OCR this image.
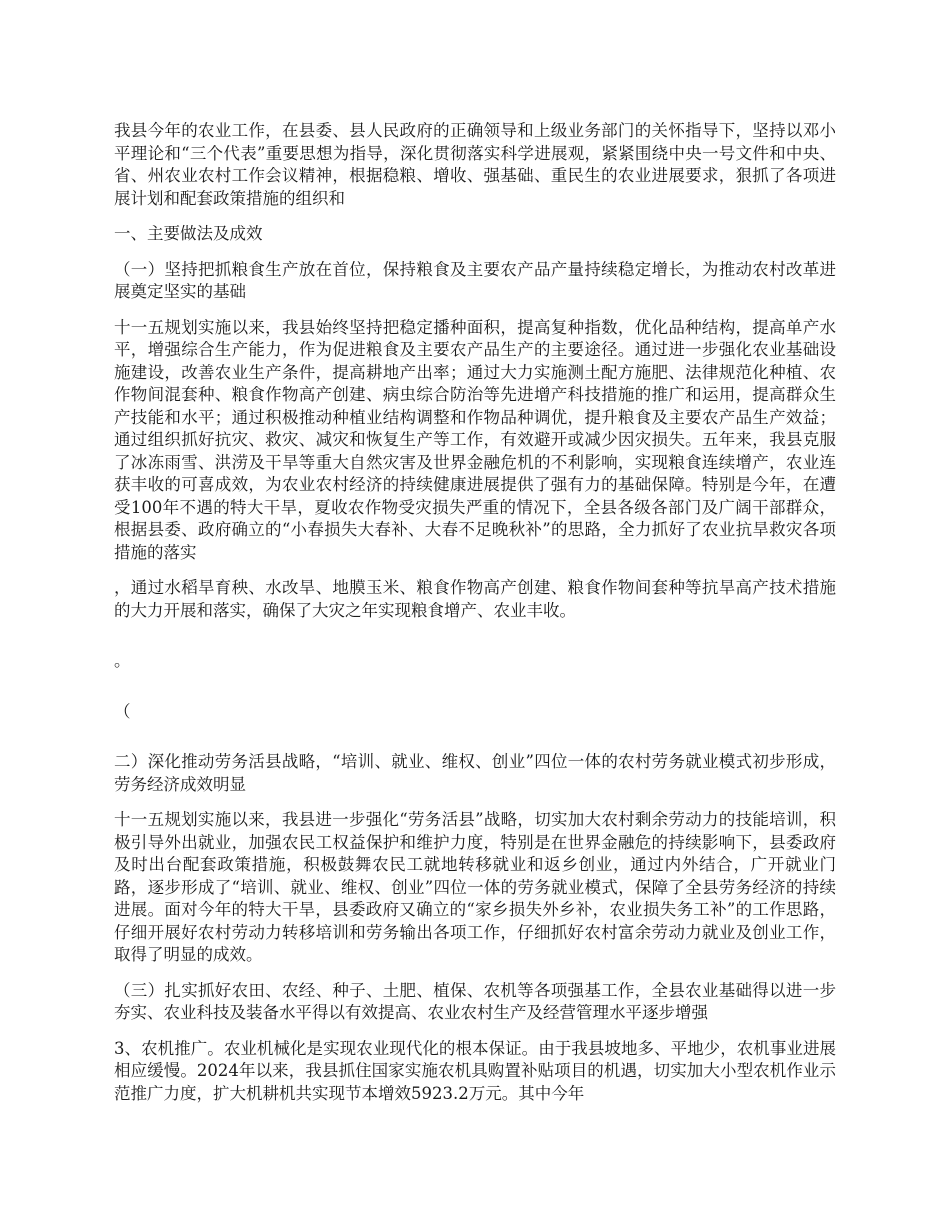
我县今年的农业工作，在县委、县人民政府的正确领导和上级业务部门的关怀指导下，坚持以邓小平理论和“三个代表”重要思想为指导，深化贯彻落实科学进展观，紧紧围绕中央一号文件和中央、省、州农业农村工作会议精神，根据稳粮、增收、强基础、重民生的农业进展要求，狠抓了各项进展计划和配套政策措施的组织和

一、主要做法及成效

（一）坚持把抓粮食生产放在首位，保持粮食及主要农产品产量持续稳定增长，为推动农村改革进展奠定坚实的基础

十一五规划实施以来，我县始终坚持把稳定播种面积，提高复种指数，优化品种结构，提高单产水平，增强综合生产能力，作为促进粮食及主要农产品生产的主要途径。通过进一步强化农业基础设施建设，改善农业生产条件，提高耕地产出率；通过大力实施测土配方施肥、法律规范化种植、农作物间混套种、粮食作物高产创建、病虫综合防治等先进增产科技措施的推广和运用，提高群众生产技能和水平；通过积极推动种植业结构调整和作物品种调优，提升粮食及主要农产品生产效益；通过组织抓好抗灾、救灾、减灾和恢复生产等工作，有效避开或减少因灾损失。五年来，我县克服了冰冻雨雪、洪涝及干旱等重大自然灾害及世界金融危机的不利影响，实现粮食连续增产，农业连获丰收的可喜成效，为农业农村经济的持续健康进展提供了强有力的基础保障。特别是今年，在遭受100年不遇的特大干旱，夏收农作物受灾损失严重的情况下，全县各级各部门及广阔干部群众，根据县委、政府确立的“小春损失大春补、大春不足晚秋补”的思路，全力抓好了农业抗旱救灾各项措施的落实

，通过水稻旱育秧、水改旱、地膜玉米、粮食作物高产创建、粮食作物间套种等抗旱高产技术措施的大力开展和落实，确保了大灾之年实现粮食增产、农业丰收。

。

（

二）深化推动劳务活县战略，“培训、就业、维权、创业”四位一体的农村劳务就业模式初步形成，劳务经济成效明显

十一五规划实施以来，我县进一步强化“劳务活县”战略，切实加大农村剩余劳动力的技能培训，积极引导外出就业，加强农民工权益保护和维护力度，特别是在世界金融危的持续影响下，县委政府及时出台配套政策措施，积极鼓舞农民工就地转移就业和返乡创业，通过内外结合，广开就业门路，逐步形成了“培训、就业、维权、创业”四位一体的劳务就业模式，保障了全县劳务经济的持续进展。面对今年的特大干旱，县委政府又确立的“家乡损失外乡补，农业损失务工补”的工作思路，仔细开展好农村劳动力转移培训和劳务输出各项工作，仔细抓好农村富余劳动力就业及创业工作，取得了明显的成效。

（三）扎实抓好农田、农经、种子、土肥、植保、农机等各项强基工作，全县农业基础得以进一步夯实、农业科技及装备水平得以有效提高、农业农村生产及经营管理水平逐步增强

3、农机推广。农业机械化是实现农业现代化的根本保证。由于我县坡地多、平地少，农机事业进展相应缓慢。2024年以来，我县抓住国家实施农机具购置补贴项目的机遇，切实加大小型农机作业示范推广力度，扩大机耕机共实现节本增效5923.2万元。其中今年
